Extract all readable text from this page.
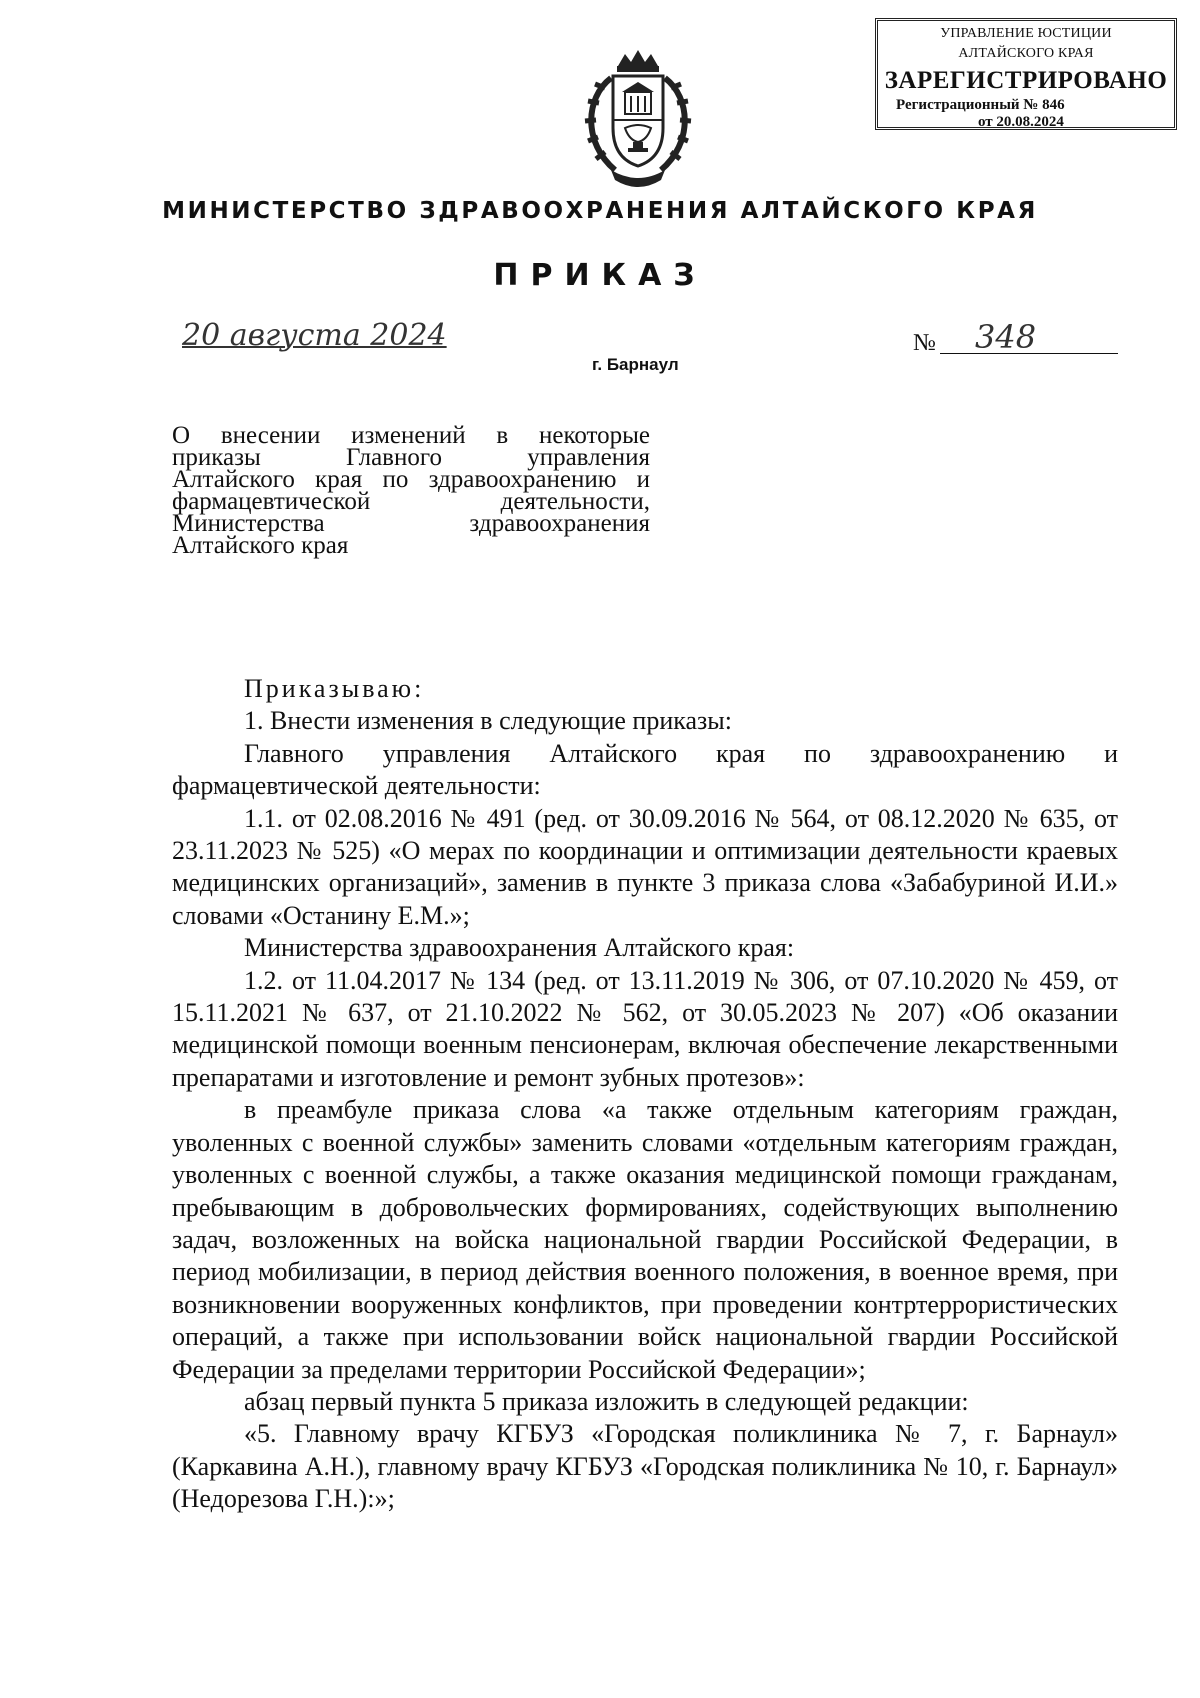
УПРАВЛЕНИЕ ЮСТИЦИИ
АЛТАЙСКОГО КРАЯ
ЗАРЕГИСТРИРОВАНО
Регистрационный № 846
от 20.08.2024
МИНИСТЕРСТВО ЗДРАВООХРАНЕНИЯ АЛТАЙСКОГО КРАЯ
ПРИКАЗ
20 августа 2024
г. Барнаул
№ 348
О внесении изменений в некоторые
приказы Главного управления
Алтайского края по здравоохранению и
фармацевтической деятельности,
Министерства здравоохранения
Алтайского края

Приказываю:

1. Внести изменения в следующие приказы:

Главного управления Алтайского края по здравоохранению и фармацевтической деятельности:

1.1. от 02.08.2016 № 491 (ред. от 30.09.2016 № 564, от 08.12.2020 № 635, от 23.11.2023 № 525) «О мерах по координации и оптимизации деятельности краевых медицинских организаций», заменив в пункте 3 приказа слова «Забабуриной И.И.» словами «Останину Е.М.»;

Министерства здравоохранения Алтайского края:

1.2. от 11.04.2017 № 134 (ред. от 13.11.2019 № 306, от 07.10.2020 № 459, от 15.11.2021 № 637, от 21.10.2022 № 562, от 30.05.2023 № 207) «Об оказании медицинской помощи военным пенсионерам, включая обеспечение лекарственными препаратами и изготовление и ремонт зубных протезов»:

в преамбуле приказа слова «а также отдельным категориям граждан, уволенных с военной службы» заменить словами «отдельным категориям граждан, уволенных с военной службы, а также оказания медицинской помощи гражданам, пребывающим в добровольческих формированиях, содействующих выполнению задач, возложенных на войска национальной гвардии Российской Федерации, в период мобилизации, в период действия военного положения, в военное время, при возникновении вооруженных конфликтов, при проведении контртеррористических операций, а также при использовании войск национальной гвардии Российской Федерации за пределами территории Российской Федерации»;

абзац первый пункта 5 приказа изложить в следующей редакции:

«5. Главному врачу КГБУЗ «Городская поликлиника № 7, г. Барнаул» (Каркавина А.Н.), главному врачу КГБУЗ «Городская поликлиника № 10, г. Барнаул» (Недорезова Г.Н.):»;
